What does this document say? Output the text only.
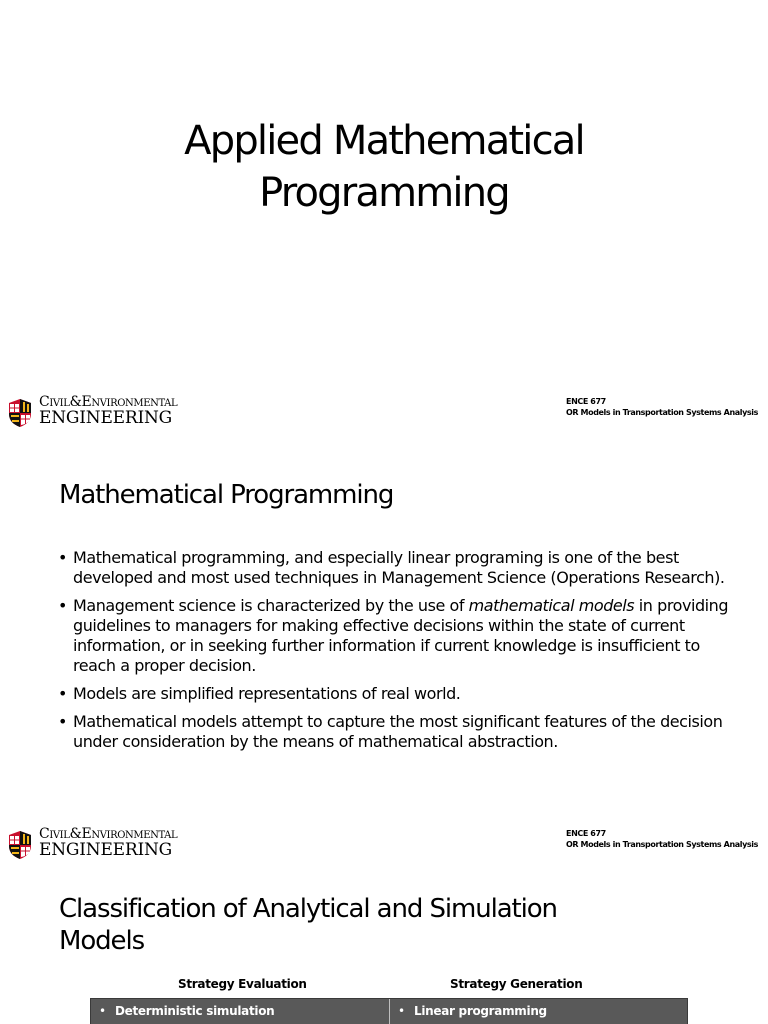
Applied Mathematical
Programming
CIVIL&ENVIRONMENTAL
ENGINEERING
ENCE 677
OR Models in Transportation Systems Analysis
Mathematical Programming
• Mathematical programming, and especially linear programing is one of the best developed and most used techniques in Management Science (Operations Research).
• Management science is characterized by the use of mathematical models in providing guidelines to managers for making effective decisions within the state of current information, or in seeking further information if current knowledge is insufficient to reach a proper decision.
• Models are simplified representations of real world.
• Mathematical models attempt to capture the most significant features of the decision under consideration by the means of mathematical abstraction.
CIVIL&ENVIRONMENTAL
ENGINEERING
ENCE 677
OR Models in Transportation Systems Analysis
Classification of Analytical and Simulation
Models
Strategy Evaluation	Strategy Generation
• Deterministic simulation
•	Linear programming
